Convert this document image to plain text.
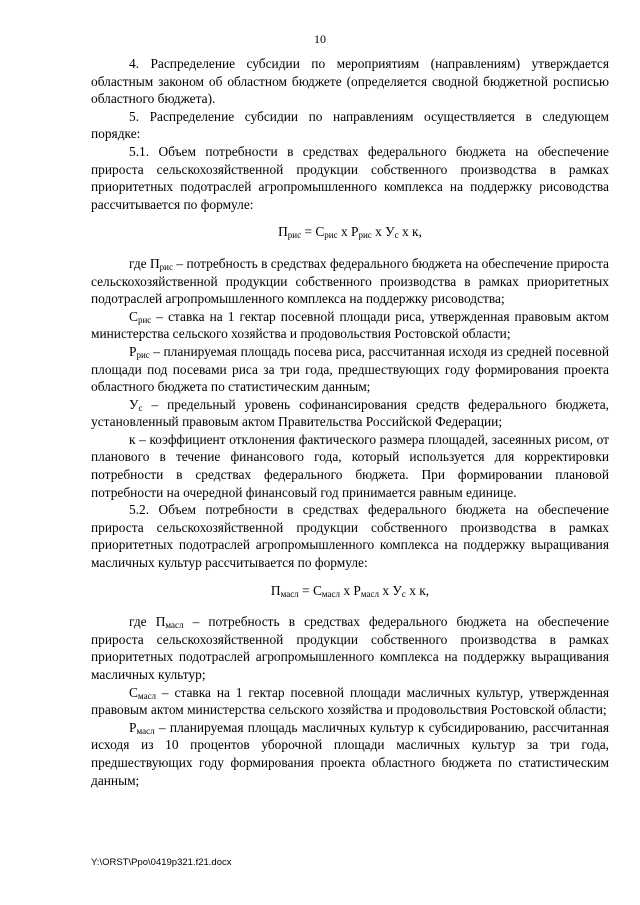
10

4. Распределение субсидии по мероприятиям (направлениям) утверждается областным законом об областном бюджете (определяется сводной бюджетной росписью областного бюджета).

5. Распределение субсидии по направлениям осуществляется в следующем порядке:

5.1. Объем потребности в средствах федерального бюджета на обеспечение прироста сельскохозяйственной продукции собственного производства в рамках приоритетных подотраслей агропромышленного комплекса на поддержку рисоводства рассчитывается по формуле:

$П_{рис} = С_{рис}$ х $Р_{рис}$ х $У_с$ х к,

где $П_{рис}$ – потребность в средствах федерального бюджета на обеспечение прироста сельскохозяйственной продукции собственного производства в рамках приоритетных подотраслей агропромышленного комплекса на поддержку рисоводства;

$С_{рис}$ – ставка на 1 гектар посевной площади риса, утвержденная правовым актом министерства сельского хозяйства и продовольствия Ростовской области;

$Р_{рис}$ – планируемая площадь посева риса, рассчитанная исходя из средней посевной площади под посевами риса за три года, предшествующих году формирования проекта областного бюджета по статистическим данным;

$У_с$ – предельный уровень софинансирования средств федерального бюджета, установленный правовым актом Правительства Российской Федерации;

к – коэффициент отклонения фактического размера площадей, засеянных рисом, от планового в течение финансового года, который используется для корректировки потребности в средствах федерального бюджета. При формировании плановой потребности на очередной финансовый год принимается равным единице.

5.2. Объем потребности в средствах федерального бюджета на обеспечение прироста сельскохозяйственной продукции собственного производства в рамках приоритетных подотраслей агропромышленного комплекса на поддержку выращивания масличных культур рассчитывается по формуле:

$П_{масл} = С_{масл}$ х $Р_{масл}$ х $У_с$ х к,

где $П_{масл}$ – потребность в средствах федерального бюджета на обеспечение прироста сельскохозяйственной продукции собственного производства в рамках приоритетных подотраслей агропромышленного комплекса на поддержку выращивания масличных культур;

$С_{масл}$ – ставка на 1 гектар посевной площади масличных культур, утвержденная правовым актом министерства сельского хозяйства и продовольствия Ростовской области;

$Р_{масл}$ – планируемая площадь масличных культур к субсидированию, рассчитанная исходя из 10 процентов уборочной площади масличных культур за три года, предшествующих году формирования проекта областного бюджета по статистическим данным;

Y:\ORST\Ppo\0419p321.f21.docx
